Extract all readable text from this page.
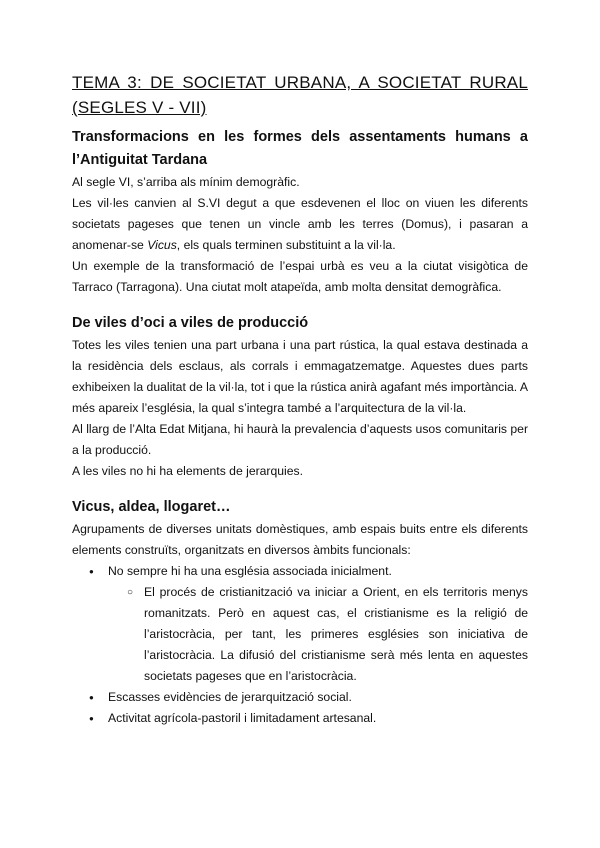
TEMA 3: DE SOCIETAT URBANA, A SOCIETAT RURAL
(SEGLES V - VII)
Transformacions en les formes dels assentaments humans a l’Antiguitat Tardana

Al segle VI, s’arriba als mínim demogràfic.

Les vil·les canvien al S.VI degut a que esdevenen el lloc on viuen les diferents societats pageses que tenen un vincle amb les terres (Domus), i pasaran a anomenar-se Vicus, els quals terminen substituint a la vil·la.

Un exemple de la transformació de l’espai urbà es veu a la ciutat visigòtica de Tarraco (Tarragona). Una ciutat molt atapeïda, amb molta densitat demogràfica.

De viles d’oci a viles de producció

Totes les viles tenien una part urbana i una part rústica, la qual estava destinada a la residència dels esclaus, als corrals i emmagatzematge. Aquestes dues parts exhibeixen la dualitat de la vil·la, tot i que la rústica anirà agafant més importància. A més apareix l’església, la qual s’integra també a l’arquitectura de la vil·la.

Al llarg de l’Alta Edat Mitjana, hi haurà la prevalencia d’aquests usos comunitaris per a la producció.

A les viles no hi ha elements de jerarquies.

Vicus, aldea, llogaret…

Agrupaments de diverses unitats domèstiques, amb espais buits entre els diferents elements construïts, organitzats en diversos àmbits funcionals:

● No sempre hi ha una església associada inicialment.
○ El procés de cristianització va iniciar a Orient, en els territoris menys romanitzats. Però en aquest cas, el cristianisme es la religió de l’aristocràcia, per tant, les primeres esglésies son iniciativa de l’aristocràcia. La difusió del cristianisme serà més lenta en aquestes societats pageses que en l’aristocràcia.
● Escasses evidències de jerarquització social.
● Activitat agrícola-pastoril i limitadament artesanal.
